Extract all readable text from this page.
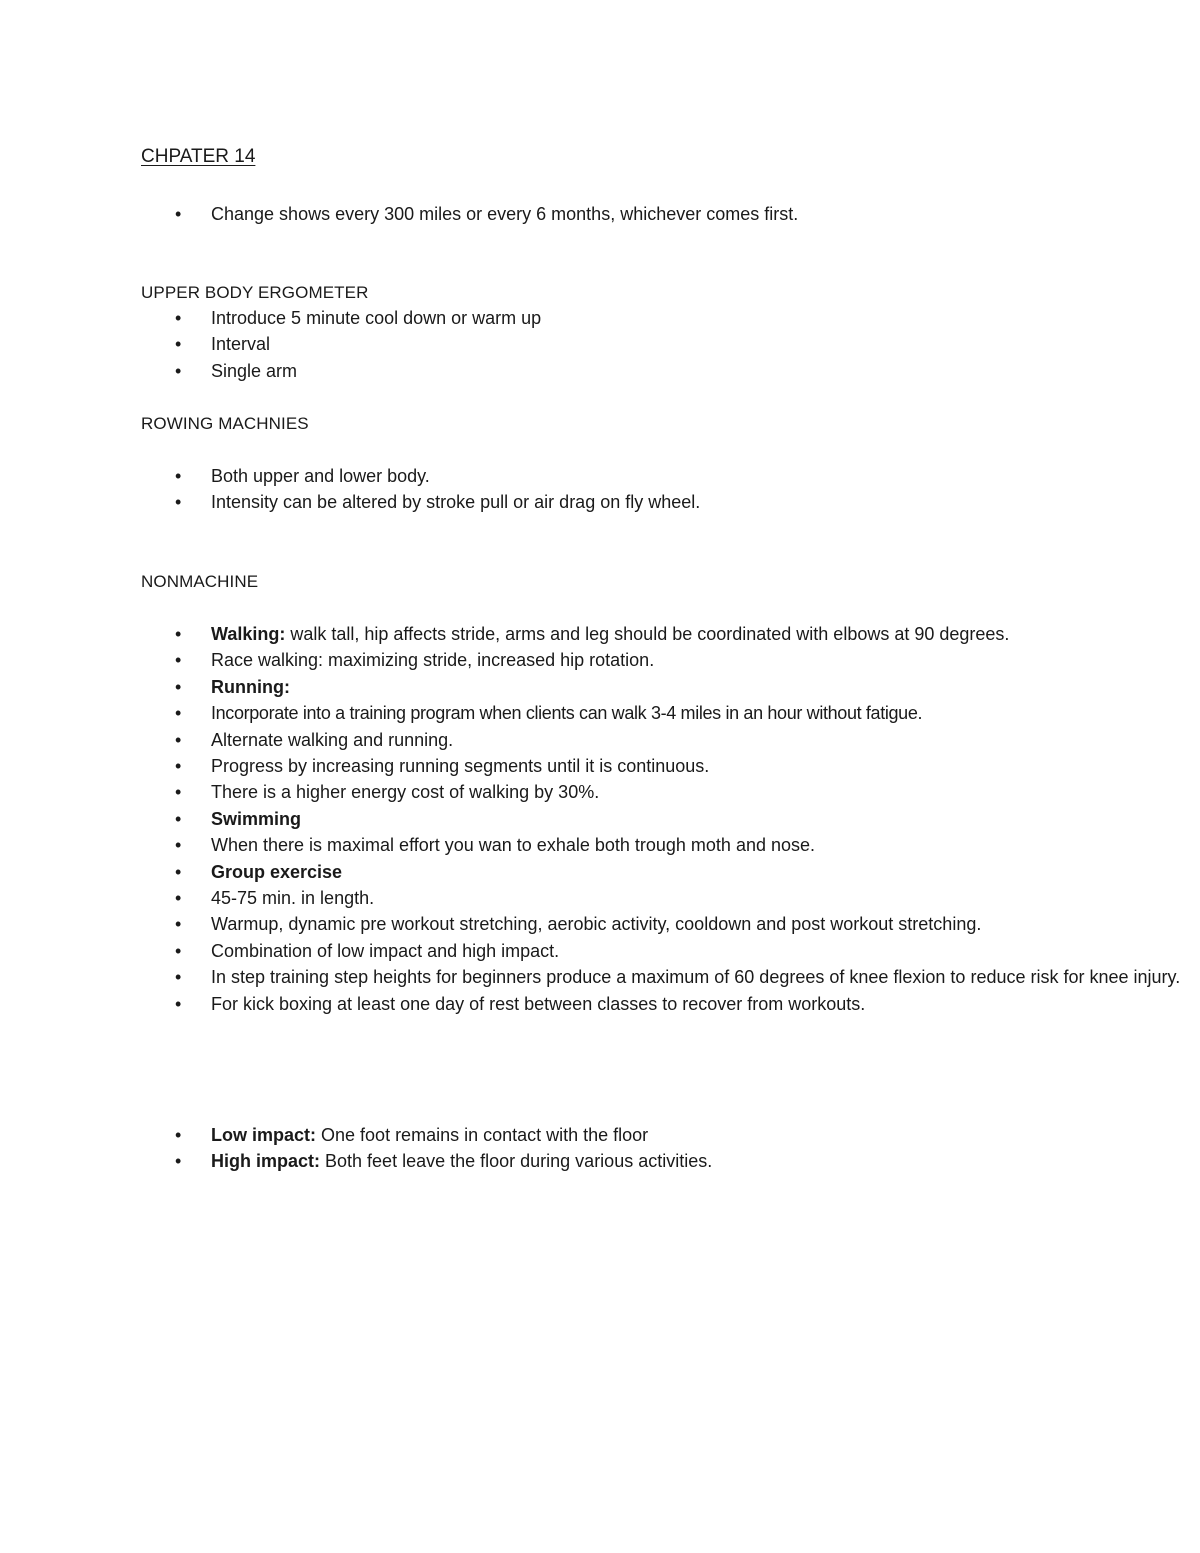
CHPATER 14
• Change shows every 300 miles or every 6 months, whichever comes first.
UPPER BODY ERGOMETER
• Introduce 5 minute cool down or warm up
• Interval
• Single arm
ROWING MACHNIES
• Both upper and lower body.
• Intensity can be altered by stroke pull or air drag on fly wheel.
NONMACHINE
• Walking: walk tall, hip affects stride, arms and leg should be coordinated with elbows at 90 degrees.
• Race walking: maximizing stride, increased hip rotation.
• Running:
• Incorporate into a training program when clients can walk 3-4 miles in an hour without fatigue.
• Alternate walking and running.
• Progress by increasing running segments until it is continuous.
• There is a higher energy cost of walking by 30%.
• Swimming
• When there is maximal effort you wan to exhale both trough moth and nose.
• Group exercise
• 45-75 min. in length.
• Warmup, dynamic pre workout stretching, aerobic activity, cooldown and post workout stretching.
• Combination of low impact and high impact.
• In step training step heights for beginners produce a maximum of 60 degrees of knee flexion to reduce risk for knee injury.
• For kick boxing at least one day of rest between classes to recover from workouts.
• Low impact: One foot remains in contact with the floor
• High impact: Both feet leave the floor during various activities.
